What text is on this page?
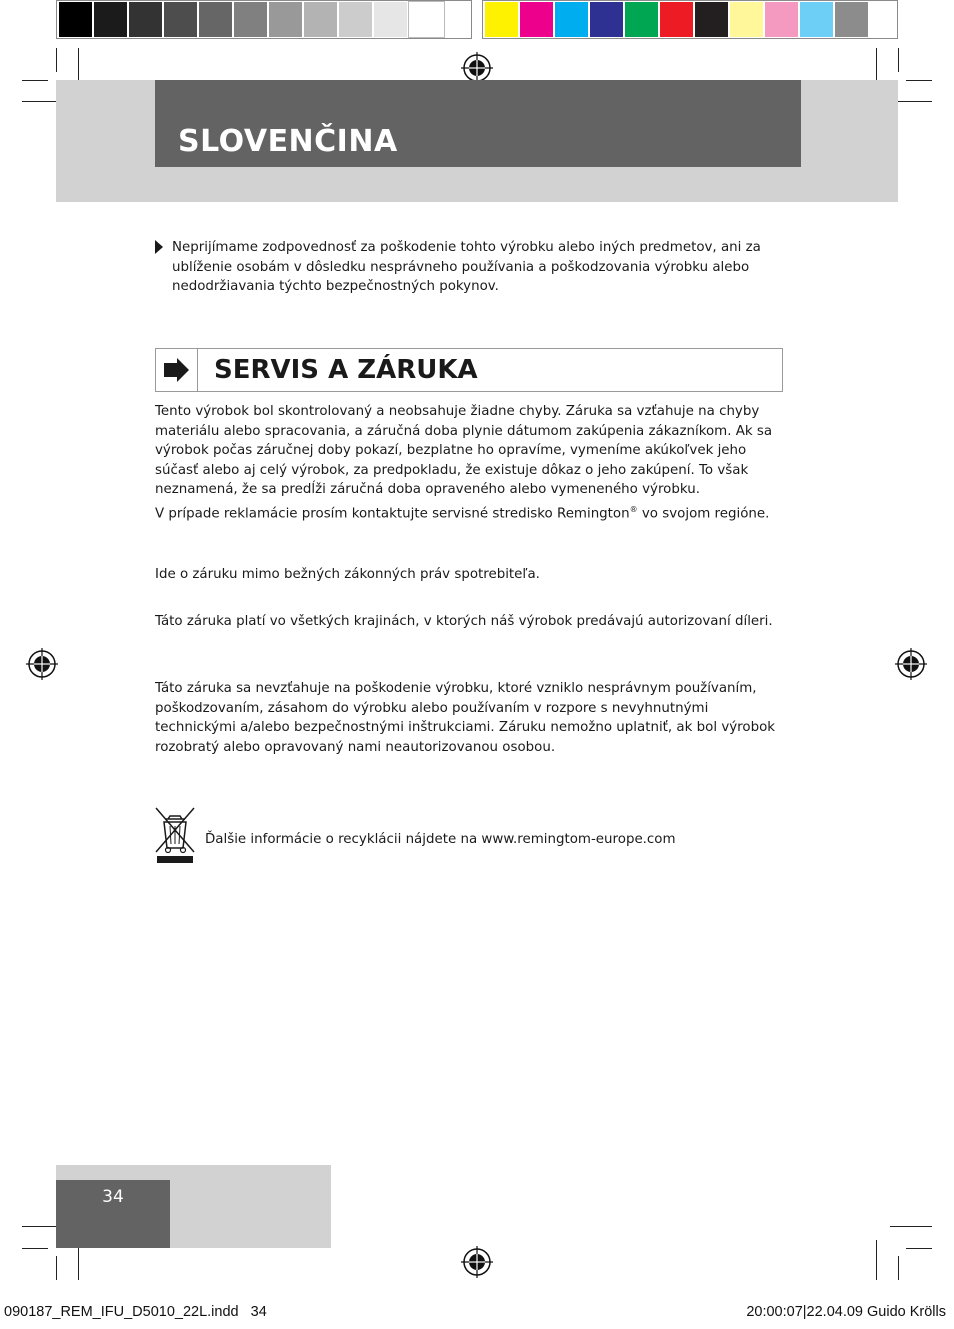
SLOVENČINA
Neprijímame zodpovednosť za poškodenie tohto výrobku alebo iných predmetov, ani za ublíženie osobám v dôsledku nesprávneho používania a poškodzovania výrobku alebo nedodržiavania týchto bezpečnostných pokynov.
SERVIS A ZÁRUKA
Tento výrobok bol skontrolovaný a neobsahuje žiadne chyby. Záruka sa vzťahuje na chyby materiálu alebo spracovania, a záručná doba plynie dátumom zakúpenia zákazníkom. Ak sa výrobok počas záručnej doby pokazí, bezplatne ho opravíme, vymeníme akúkoľvek jeho súčasť alebo aj celý výrobok, za predpokladu, že existuje dôkaz o jeho zakúpení. To však neznamená, že sa predĺži záručná doba opraveného alebo vymeneného výrobku.
V prípade reklamácie prosím kontaktujte servisné stredisko Remington® vo svojom regióne.
Ide o záruku mimo bežných zákonných práv spotrebiteľa.
Táto záruka platí vo všetkých krajinách, v ktorých náš výrobok predávajú autorizovaní díleri.
Táto záruka sa nevzťahuje na poškodenie výrobku, ktoré vzniklo nesprávnym používaním, poškodzovaním, zásahom do výrobku alebo používaním v rozpore s nevyhnutnými technickými a/alebo bezpečnostnými inštrukciami. Záruku nemožno uplatniť, ak bol výrobok rozobratý alebo opravovaný nami neautorizovanou osobou.
Ďalšie informácie o recyklácii nájdete na www.remingtom-europe.com
34
090187_REM_IFU_D5010_22L.indd   34	20:00:07|22.04.09 Guido Krölls
